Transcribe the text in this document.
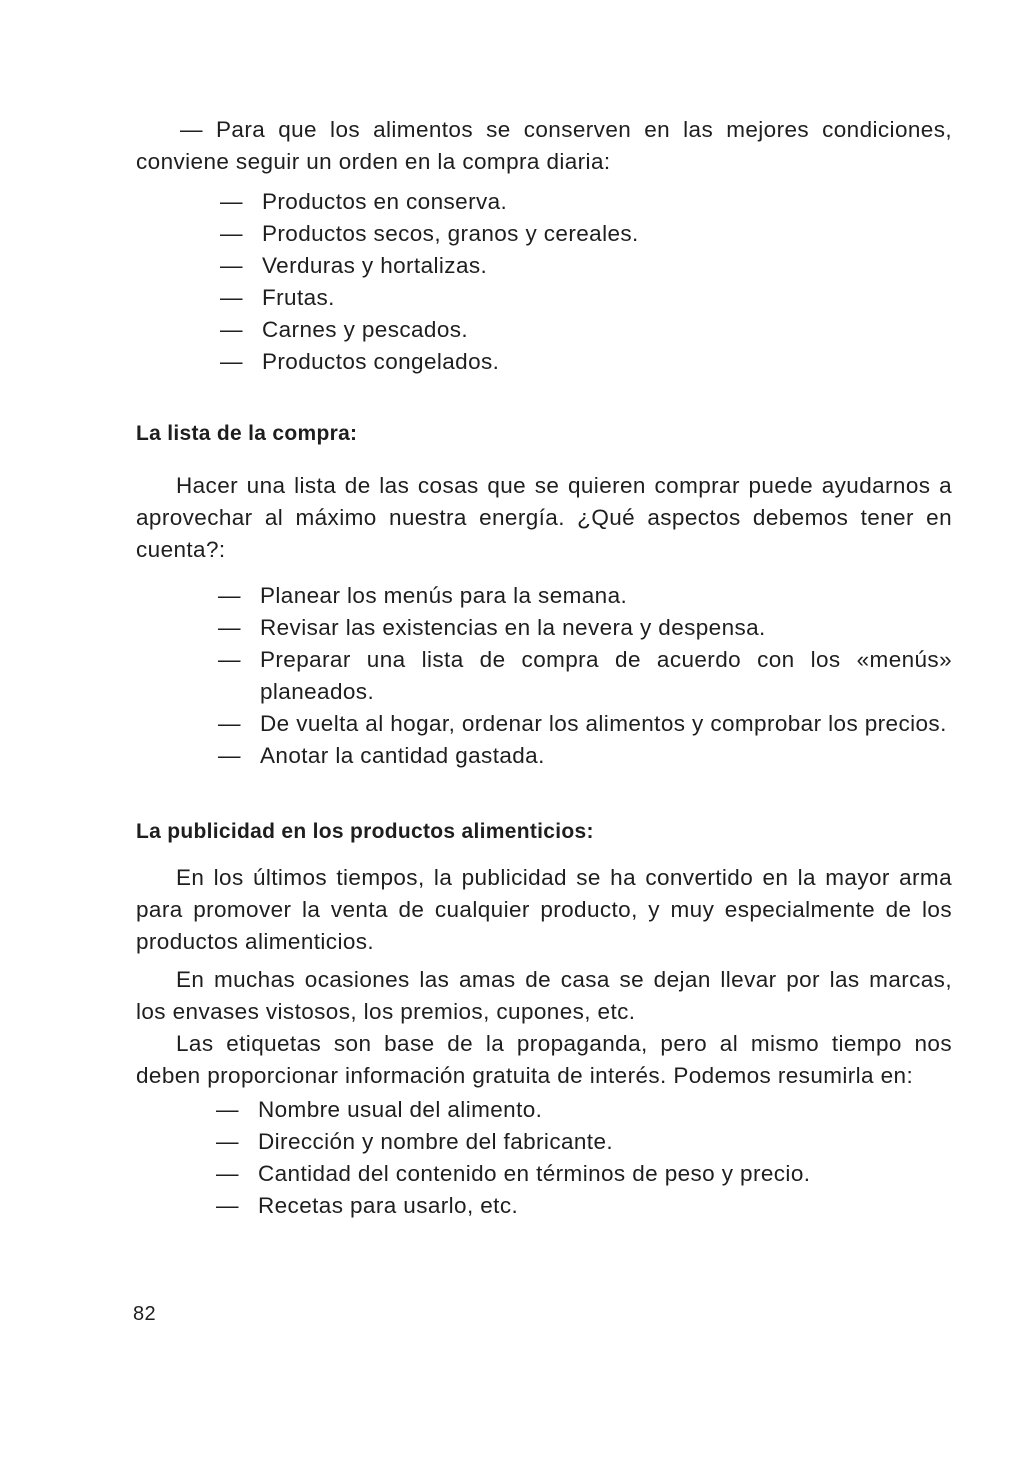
— Para que los alimentos se conserven en las mejores condiciones, conviene seguir un orden en la compra diaria:

— Productos en conserva.
— Productos secos, granos y cereales.
— Verduras y hortalizas.
— Frutas.
— Carnes y pescados.
— Productos congelados.
La lista de la compra:

Hacer una lista de las cosas que se quieren comprar puede ayudarnos a aprovechar al máximo nuestra energía. ¿Qué aspectos debemos tener en cuenta?:

— Planear los menús para la semana.
— Revisar las existencias en la nevera y despensa.
— Preparar una lista de compra de acuerdo con los «menús» planeados.
— De vuelta al hogar, ordenar los alimentos y comprobar los precios.
— Anotar la cantidad gastada.
La publicidad en los productos alimenticios:

En los últimos tiempos, la publicidad se ha convertido en la mayor arma para promover la venta de cualquier producto, y muy especialmente de los productos alimenticios.

En muchas ocasiones las amas de casa se dejan llevar por las marcas, los envases vistosos, los premios, cupones, etc.

Las etiquetas son base de la propaganda, pero al mismo tiempo nos deben proporcionar información gratuita de interés. Podemos resumirla en:

— Nombre usual del alimento.
— Dirección y nombre del fabricante.
— Cantidad del contenido en términos de peso y precio.
— Recetas para usarlo, etc.
82
